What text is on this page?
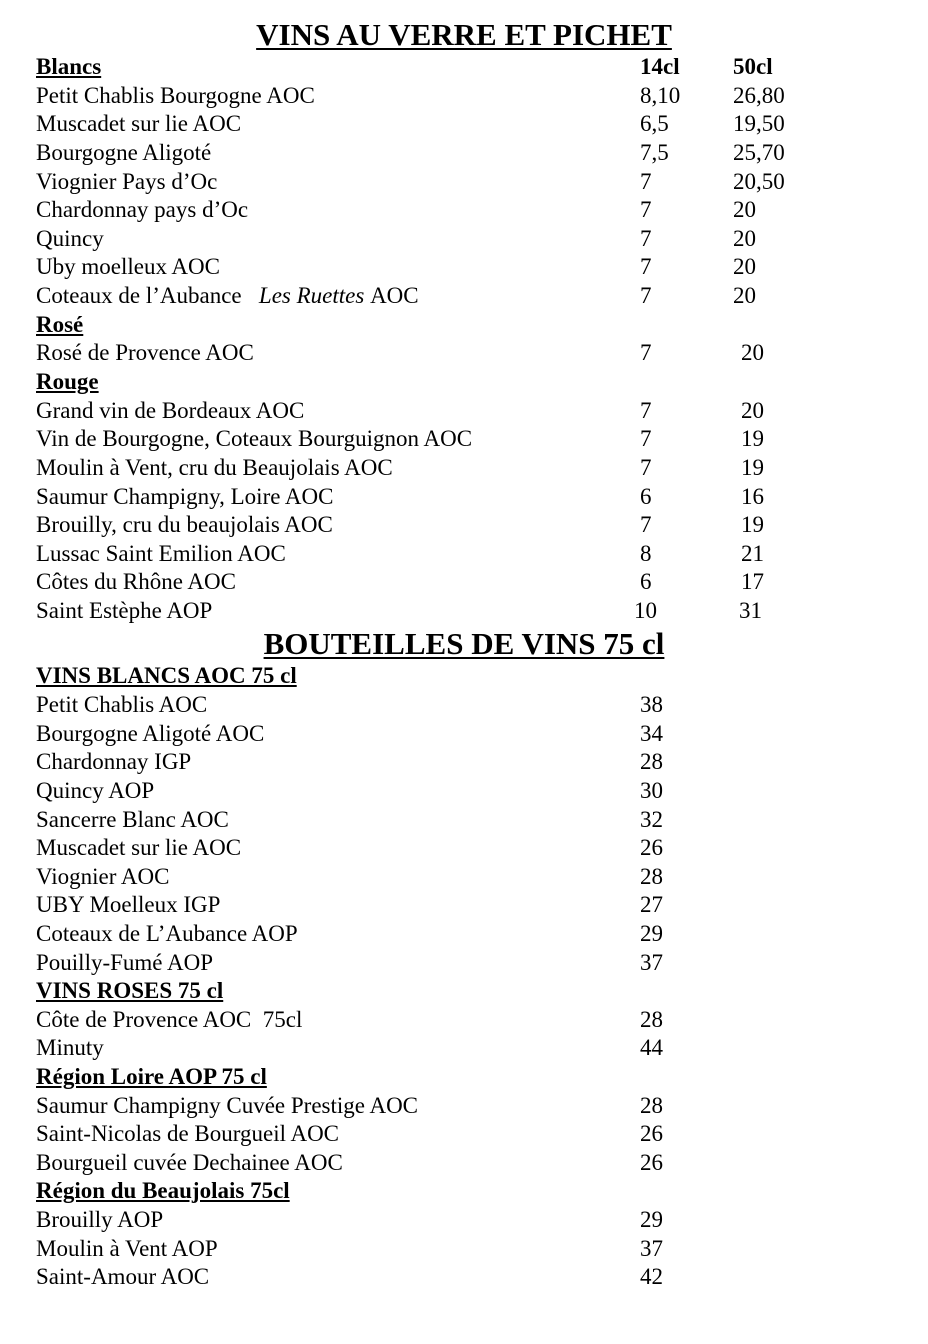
VINS AU VERRE ET PICHET
Blancs	14cl 50cl
Petit Chablis Bourgogne AOC	8,10 26,80
Muscadet sur lie AOC	6,5	19,50
Bourgogne Aligoté	7,5	25,70
Viognier Pays d’Oc	7	20,50
Chardonnay pays d’Oc	7	20
Quincy	7	20
Uby moelleux AOC	7	20
Coteaux de l’Aubance Les Ruettes AOC	7	20
Rosé
Rosé de Provence AOC	7	20
Rouge
Grand vin de Bordeaux AOC	7	20
Vin de Bourgogne, Coteaux Bourguignon AOC	7	19
Moulin à Vent, cru du Beaujolais AOC	7	19
Saumur Champigny, Loire AOC	6	16
Brouilly, cru du beaujolais AOC	7	19
Lussac Saint Emilion AOC	8	21
Côtes du Rhône AOC	6	17
Saint Estèphe AOP	10	31
BOUTEILLES DE VINS 75 cl
VINS BLANCS AOC 75 cl
Petit Chablis AOC	38
Bourgogne Aligoté AOC	34
Chardonnay IGP	28
Quincy AOP	30
Sancerre Blanc AOC	32
Muscadet sur lie AOC	26
Viognier AOC	28
UBY Moelleux IGP	27
Coteaux de L’Aubance AOP	29
Pouilly-Fumé AOP	37
VINS ROSES 75 cl
Côte de Provence AOC  75cl	28
Minuty	44
Région Loire AOP 75 cl
Saumur Champigny Cuvée Prestige AOC	28
Saint-Nicolas de Bourgueil AOC	26
Bourgueil cuvée Dechainee AOC	26
Région du Beaujolais 75cl
Brouilly AOP	29
Moulin à Vent AOP	37
Saint-Amour AOC	42
